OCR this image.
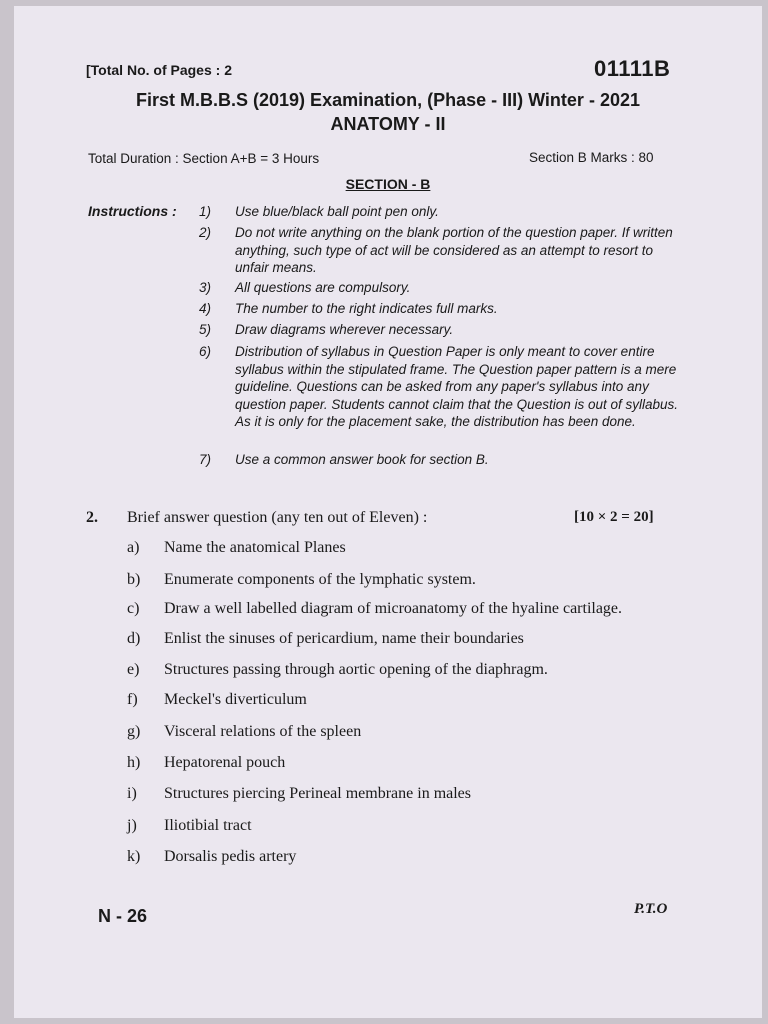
[Total No. of Pages : 2	01111B
First M.B.B.S (2019) Examination, (Phase - III) Winter - 2021
ANATOMY - II
Total Duration : Section A+B = 3 Hours	Section B Marks : 80
SECTION - B
Instructions : 1)	Use blue/black ball point pen only.
2)	Do not write anything on the blank portion of the question paper. If written anything, such type of act will be considered as an attempt to resort to unfair means.
3)	All questions are compulsory.
4)	The number to the right indicates full marks.
5)	Draw diagrams wherever necessary.
6)	Distribution of syllabus in Question Paper is only meant to cover entire syllabus within the stipulated frame. The Question paper pattern is a mere guideline. Questions can be asked from any paper's syllabus into any question paper. Students cannot claim that the Question is out of syllabus. As it is only for the placement sake, the distribution has been done.
7)	Use a common answer book for section B.
2. Brief answer question (any ten out of Eleven) :	[10 × 2 = 20]
a)	Name the anatomical Planes
b)	Enumerate components of the lymphatic system.
c)	Draw a well labelled diagram of microanatomy of the hyaline cartilage.
d)	Enlist the sinuses of pericardium, name their boundaries
e)	Structures passing through aortic opening of the diaphragm.
f)	Meckel's diverticulum
g)	Visceral relations of the spleen
h)	Hepatorenal pouch
i)	Structures piercing Perineal membrane in males
j)	Iliotibial tract
k)	Dorsalis pedis artery
N - 26	P.T.O
